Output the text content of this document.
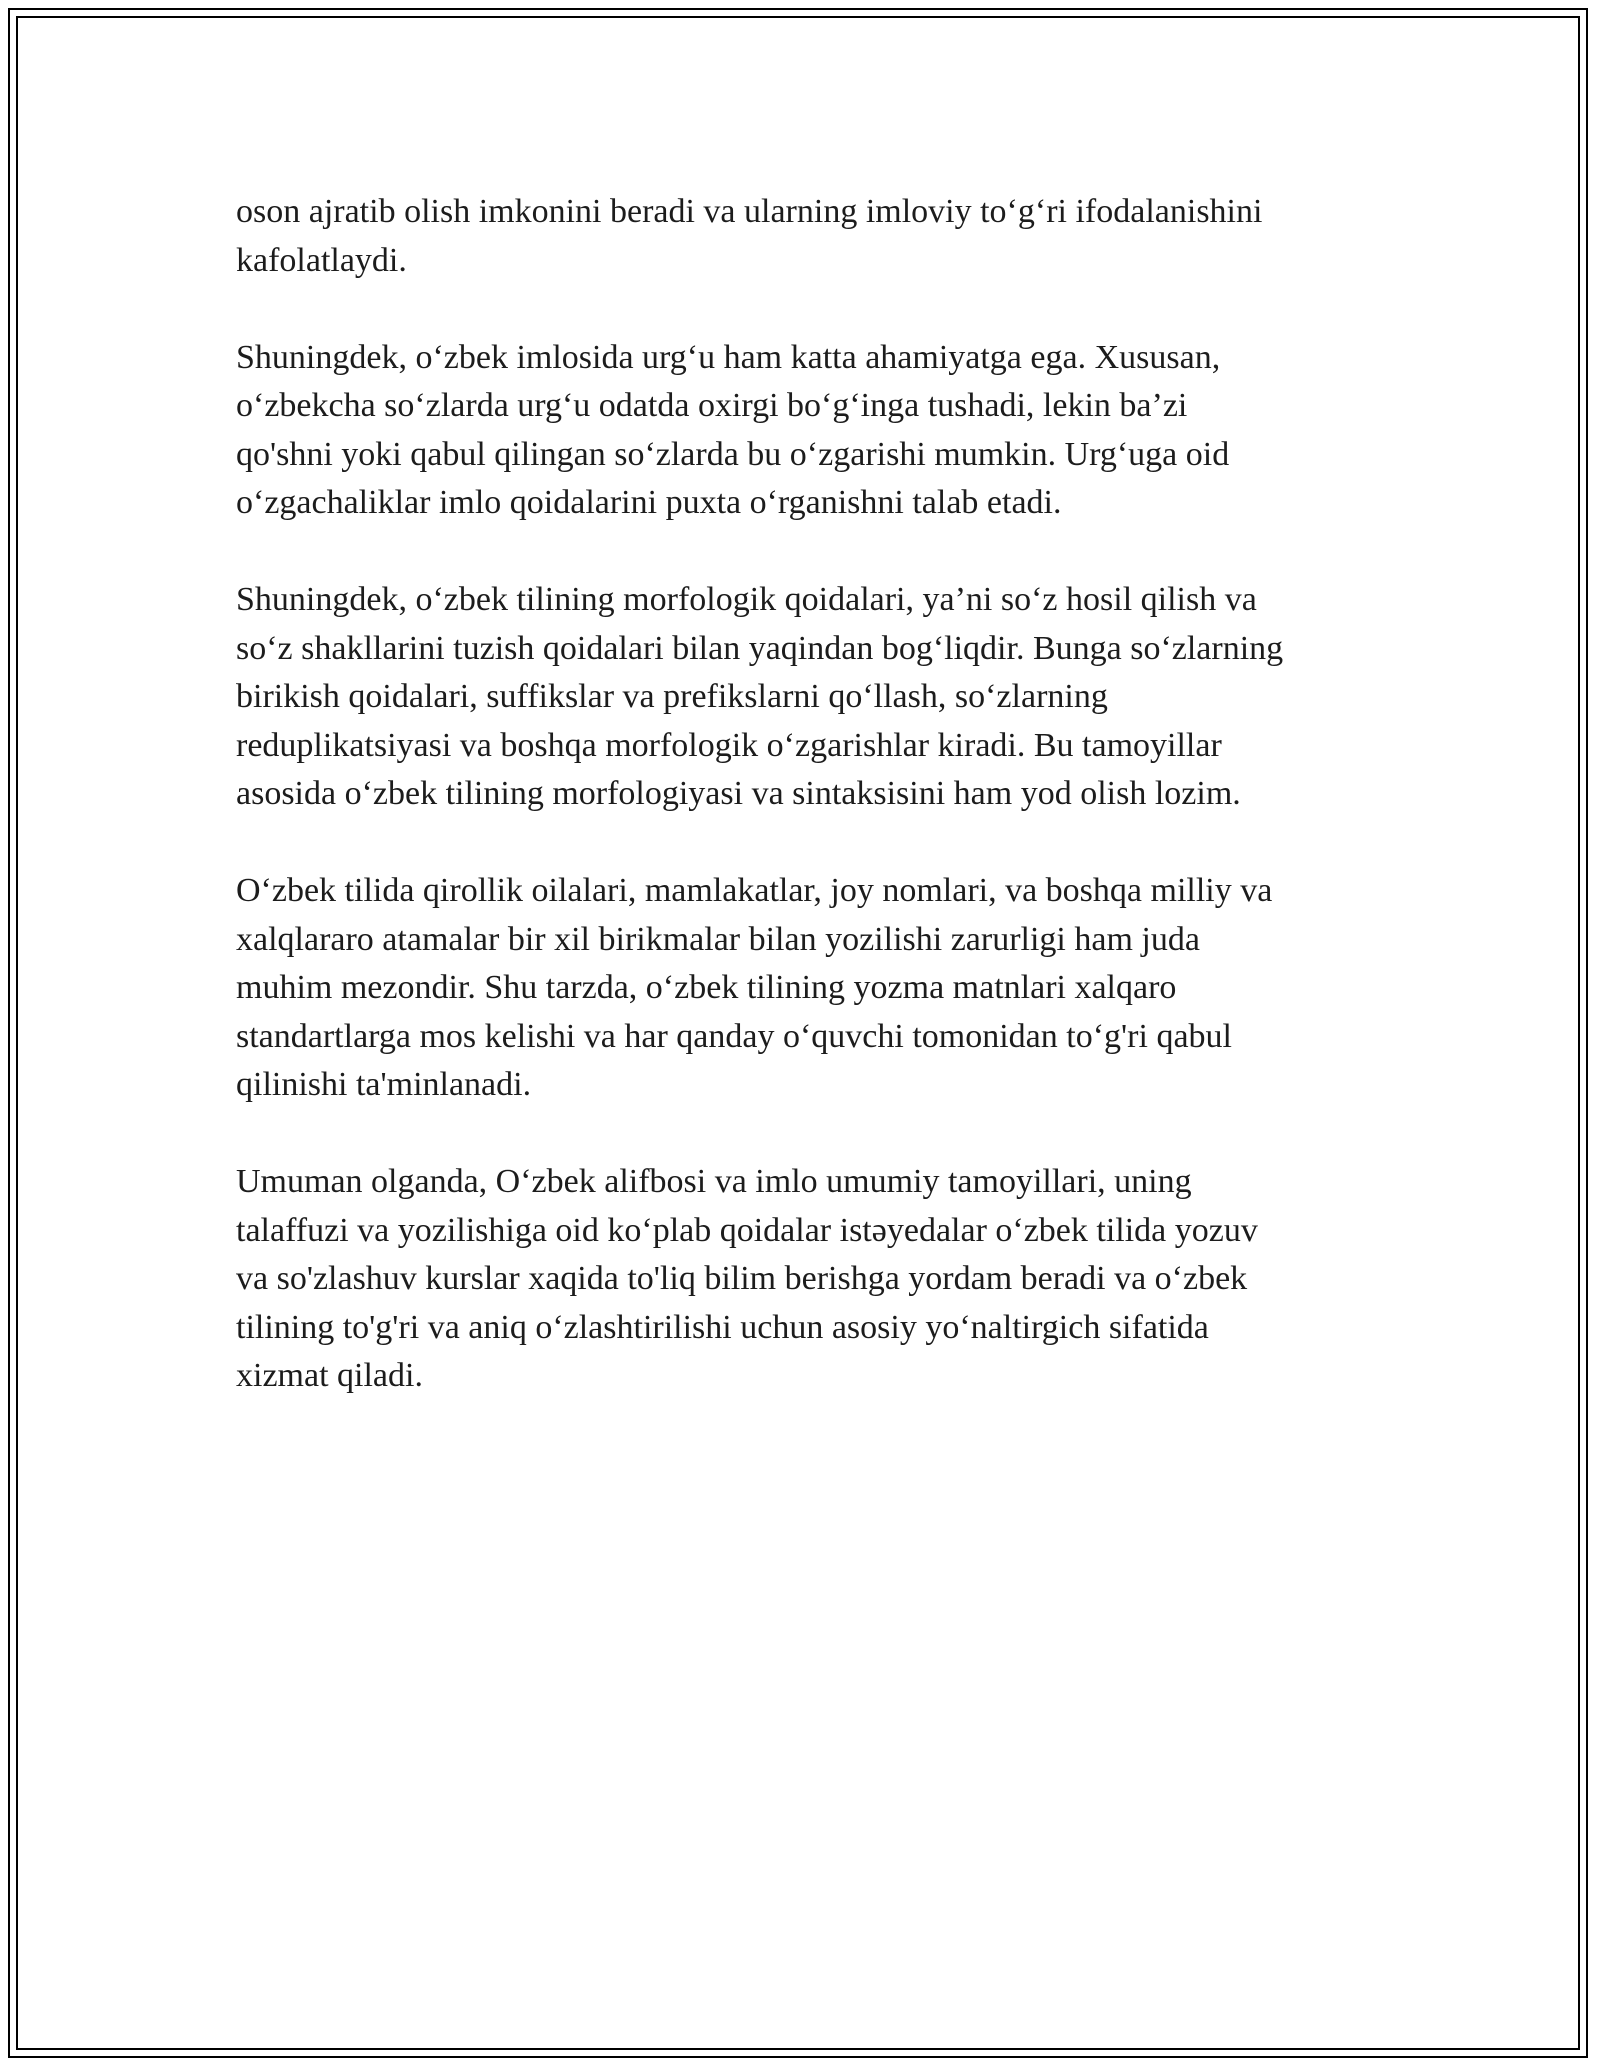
oson ajratib olish imkonini beradi va ularning imloviy to‘g‘ri ifodalanishini
kafolatlaydi.

Shuningdek, o‘zbek imlosida urg‘u ham katta ahamiyatga ega. Xususan,
o‘zbekcha so‘zlarda urg‘u odatda oxirgi bo‘g‘inga tushadi, lekin ba’zi
qo'shni yoki qabul qilingan so‘zlarda bu o‘zgarishi mumkin. Urg‘uga oid
o‘zgachaliklar imlo qoidalarini puxta o‘rganishni talab etadi.

Shuningdek, o‘zbek tilining morfologik qoidalari, ya’ni so‘z hosil qilish va
so‘z shakllarini tuzish qoidalari bilan yaqindan bog‘liqdir. Bunga so‘zlarning
birikish qoidalari, suffikslar va prefikslarni qo‘llash, so‘zlarning
reduplikatsiyasi va boshqa morfologik o‘zgarishlar kiradi. Bu tamoyillar
asosida o‘zbek tilining morfologiyasi va sintaksisini ham yod olish lozim.

O‘zbek tilida qirollik oilalari, mamlakatlar, joy nomlari, va boshqa milliy va
xalqlararo atamalar bir xil birikmalar bilan yozilishi zarurligi ham juda
muhim mezondir. Shu tarzda, o‘zbek tilining yozma matnlari xalqaro
standartlarga mos kelishi va har qanday o‘quvchi tomonidan to‘g'ri qabul
qilinishi ta'minlanadi.

Umuman olganda, O‘zbek alifbosi va imlo umumiy tamoyillari, uning
talaffuzi va yozilishiga oid ko‘plab qoidalar istəyedalar o‘zbek tilida yozuv
va so'zlashuv kurslar xaqida to'liq bilim berishga yordam beradi va o‘zbek
tilining to'g'ri va aniq o‘zlashtirilishi uchun asosiy yo‘naltirgich sifatida
xizmat qiladi.
